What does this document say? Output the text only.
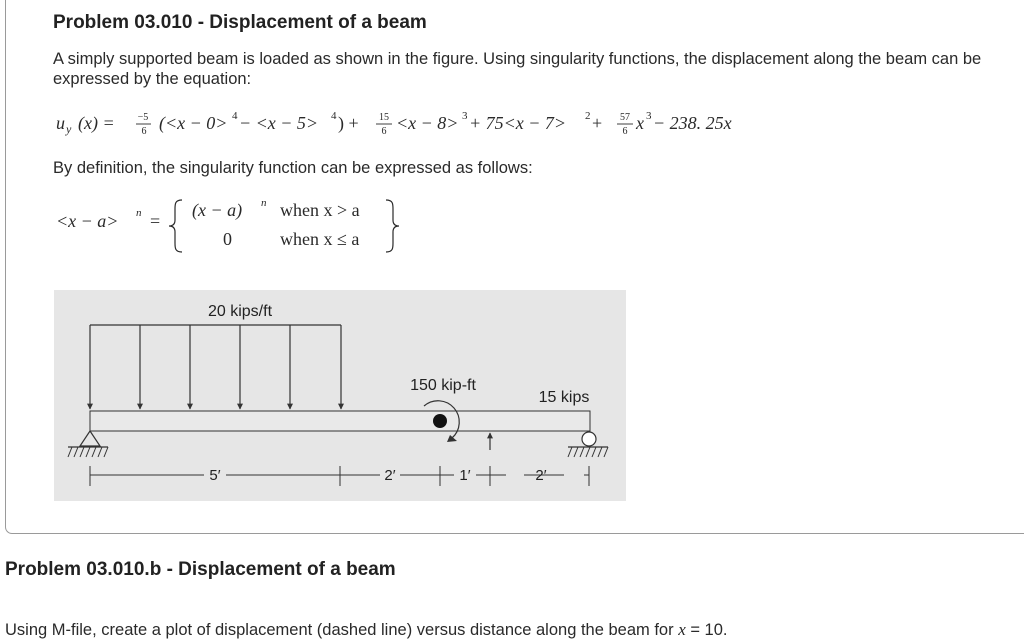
Problem 03.010 - Displacement of a beam

A simply supported beam is loaded as shown in the figure. Using singularity functions, the displacement along the beam can be expressed by the equation:

u y (x) = −5
6 (<x − 0> 4 − <x − 5> 4 ) + 15
6 <x − 8> 3 + 75<x − 7> 2 + 57
6 x 3 − 238. 25x

By definition, the singularity function can be expressed as follows:

<x − a> n =
(x − a) n when x > a
0	when x ≤ a
20 kips/ft
150 kip-ft
15 kips
5′	2′	1′	2′
Problem 03.010.b - Displacement of a beam

Using M-file, create a plot of displacement (dashed line) versus distance along the beam for x = 10.
